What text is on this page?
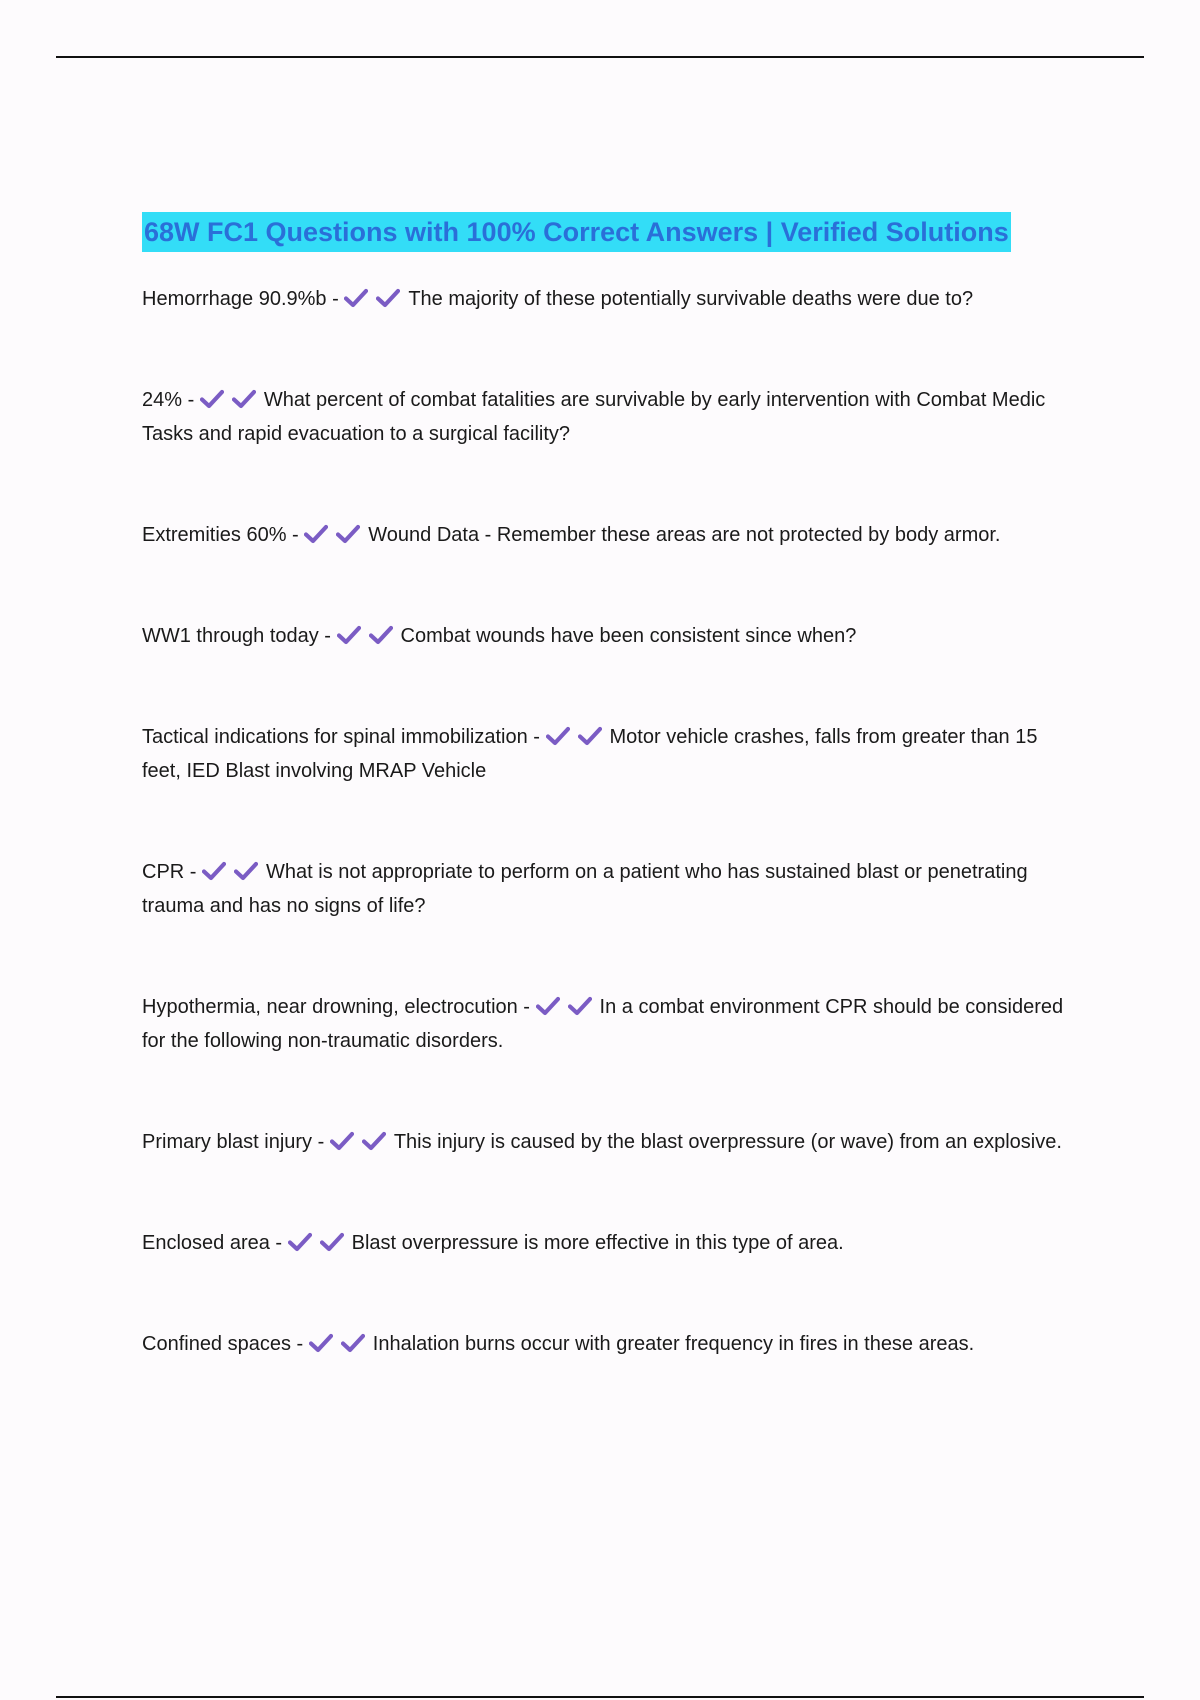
68W FC1 Questions with 100% Correct Answers | Verified Solutions

Hemorrhage 90.9%b -	The majority of these potentially survivable deaths were due to?

24% -	What percent of combat fatalities are survivable by early intervention with Combat Medic Tasks and rapid evacuation to a surgical facility?

Extremities 60% -	Wound Data - Remember these areas are not protected by body armor.

WW1 through today -	Combat wounds have been consistent since when?

Tactical indications for spinal immobilization -	Motor vehicle crashes, falls from greater than 15 feet, IED Blast involving MRAP Vehicle

CPR -	What is not appropriate to perform on a patient who has sustained blast or penetrating trauma and has no signs of life?

Hypothermia, near drowning, electrocution -	In a combat environment CPR should be considered for the following non-traumatic disorders.

Primary blast injury -	This injury is caused by the blast overpressure (or wave) from an explosive.

Enclosed area -	Blast overpressure is more effective in this type of area.

Confined spaces -	Inhalation burns occur with greater frequency in fires in these areas.
